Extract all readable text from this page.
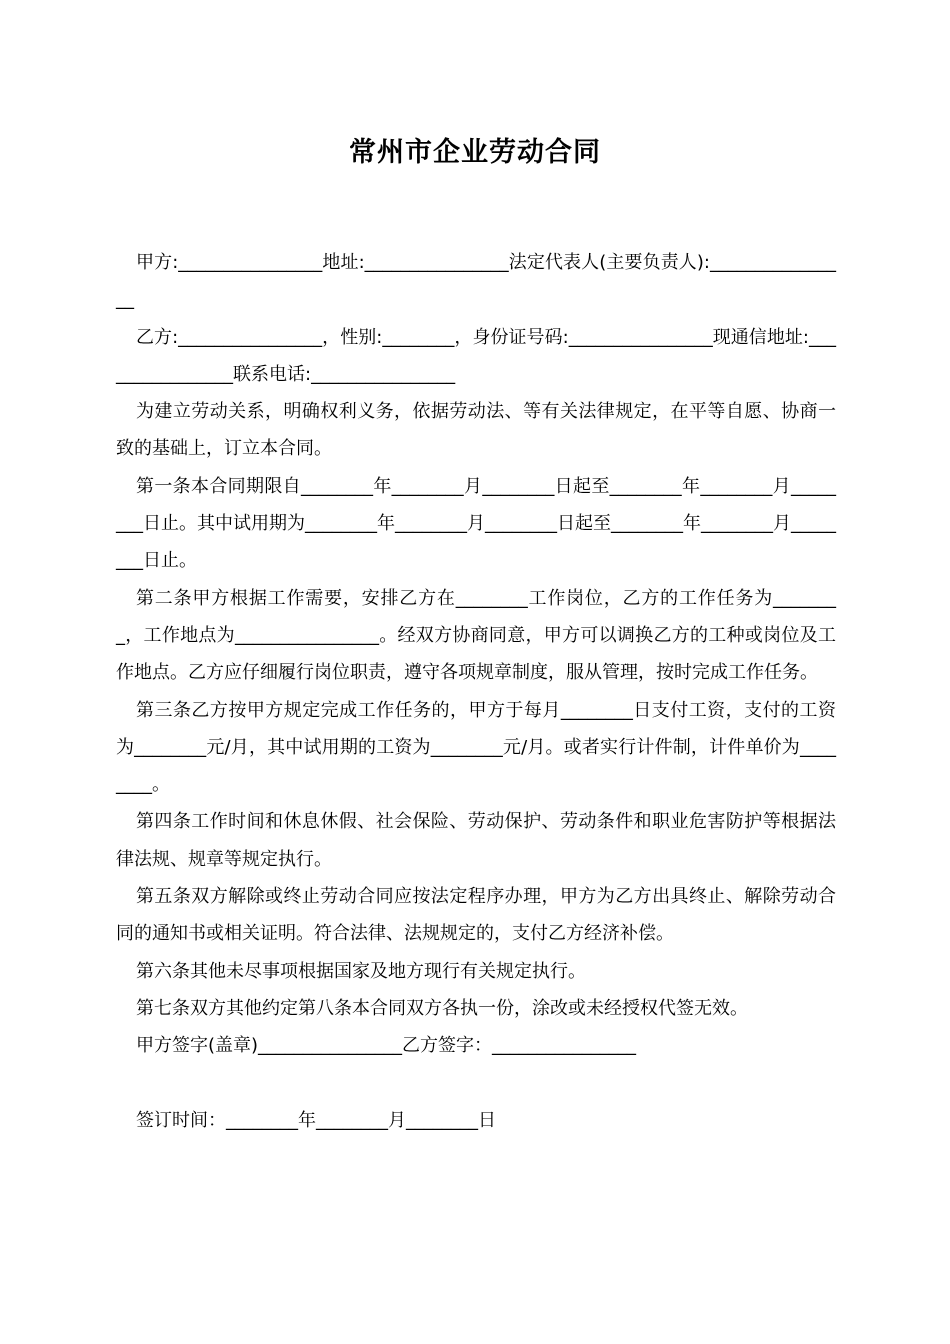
常州市企业劳动合同

甲方:________________地址:________________法定代表人(主要负责人):________________

乙方:________________，性别:________，身份证号码:________________现通信地址:________________联系电话:________________

为建立劳动关系，明确权利义务，依据劳动法、等有关法律规定，在平等自愿、协商一致的基础上，订立本合同。

第一条本合同期限自________年________月________日起至________年________月________日止。其中试用期为________年________月________日起至________年________月________日止。

第二条甲方根据工作需要，安排乙方在________工作岗位，乙方的工作任务为________，工作地点为________________。经双方协商同意，甲方可以调换乙方的工种或岗位及工作地点。乙方应仔细履行岗位职责，遵守各项规章制度，服从管理，按时完成工作任务。

第三条乙方按甲方规定完成工作任务的，甲方于每月________日支付工资，支付的工资为________元/月，其中试用期的工资为________元/月。或者实行计件制，计件单价为________。

第四条工作时间和休息休假、社会保险、劳动保护、劳动条件和职业危害防护等根据法律法规、规章等规定执行。

第五条双方解除或终止劳动合同应按法定程序办理，甲方为乙方出具终止、解除劳动合同的通知书或相关证明。符合法律、法规规定的，支付乙方经济补偿。

第六条其他未尽事项根据国家及地方现行有关规定执行。

第七条双方其他约定第八条本合同双方各执一份，涂改或未经授权代签无效。

甲方签字(盖章)________________乙方签字：________________

签订时间：________年________月________日
